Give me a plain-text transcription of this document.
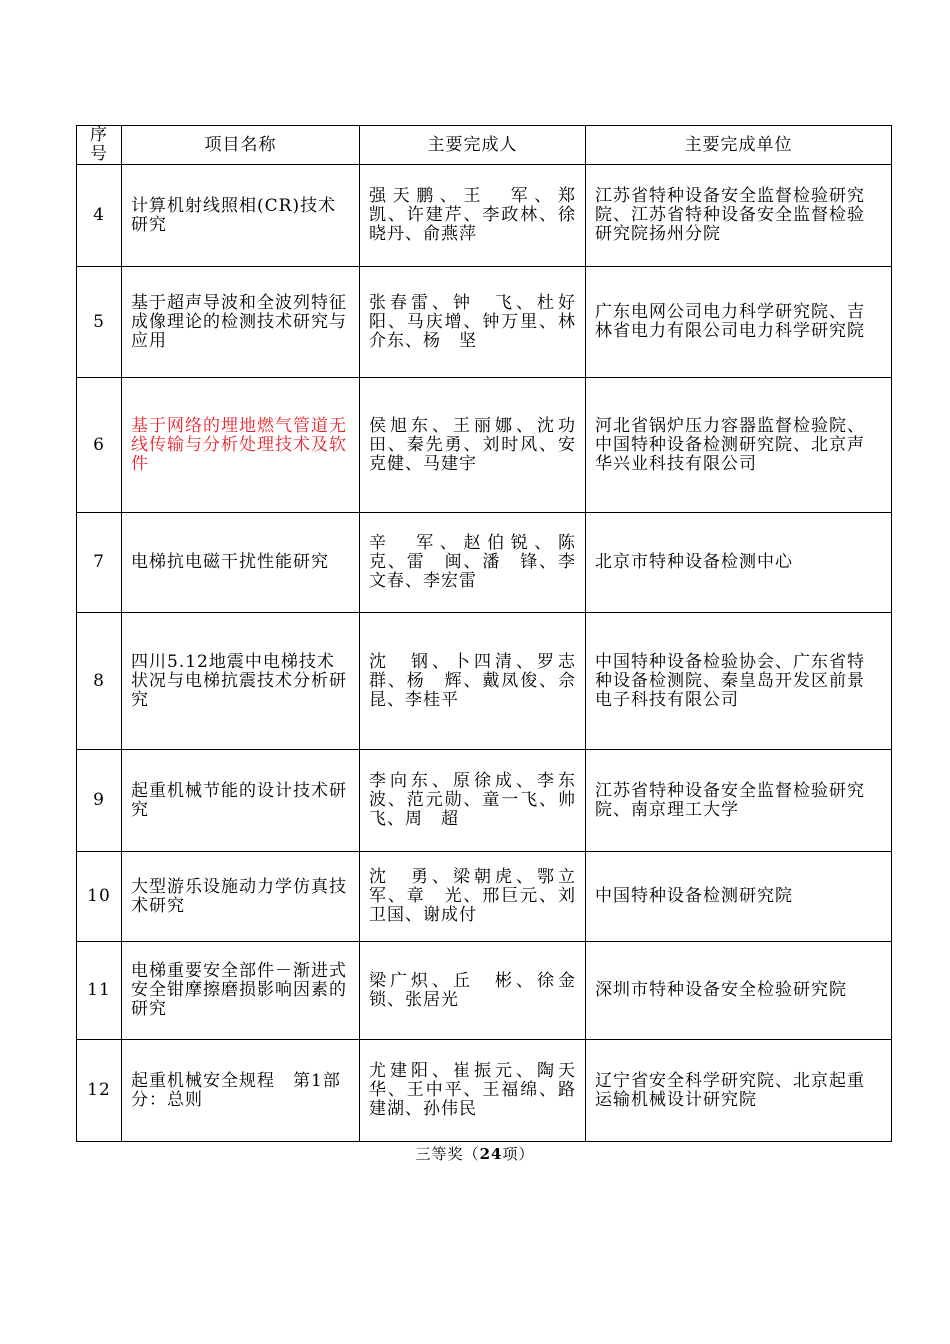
序
号	项目名称	主要完成人	主要完成单位
4	计算机射线照相(CR)技术研究	强天鹏、王　军、郑　凯、许建芹、李政林、徐晓丹、俞燕萍	江苏省特种设备安全监督检验研究院、江苏省特种设备安全监督检验研究院扬州分院
5	基于超声导波和全波列特征成像理论的检测技术研究与应用	张春雷、钟　飞、杜好阳、马庆增、钟万里、林介东、杨　坚	广东电网公司电力科学研究院、吉林省电力有限公司电力科学研究院
6	基于网络的埋地燃气管道无线传输与分析处理技术及软件	侯旭东、王丽娜、沈功田、秦先勇、刘时风、安克健、马建宇	河北省锅炉压力容器监督检验院、中国特种设备检测研究院、北京声华兴业科技有限公司
7	电梯抗电磁干扰性能研究	辛　军、赵伯锐、陈　克、雷　闽、潘　锋、李文春、李宏雷	北京市特种设备检测中心
8	四川5.12地震中电梯技术状况与电梯抗震技术分析研究	沈　钢、卜四清、罗志群、杨　辉、戴凤俊、佘　昆、李桂平	中国特种设备检验协会、广东省特种设备检测院、秦皇岛开发区前景电子科技有限公司
9	起重机械节能的设计技术研究	李向东、原徐成、李东波、范元勋、童一飞、帅　飞、周　超	江苏省特种设备安全监督检验研究院、南京理工大学
10	大型游乐设施动力学仿真技术研究	沈　勇、梁朝虎、鄂立军、章　光、邢巨元、刘卫国、谢成付	中国特种设备检测研究院
11	电梯重要安全部件－渐进式安全钳摩擦磨损影响因素的研究	梁广炽、丘　彬、徐金锁、张居光	深圳市特种设备安全检验研究院
12	起重机械安全规程　第1部分：总则	尤建阳、崔振元、陶天华、王中平、王福绵、路建湖、孙伟民	辽宁省安全科学研究院、北京起重运输机械设计研究院
三等奖（24项）
